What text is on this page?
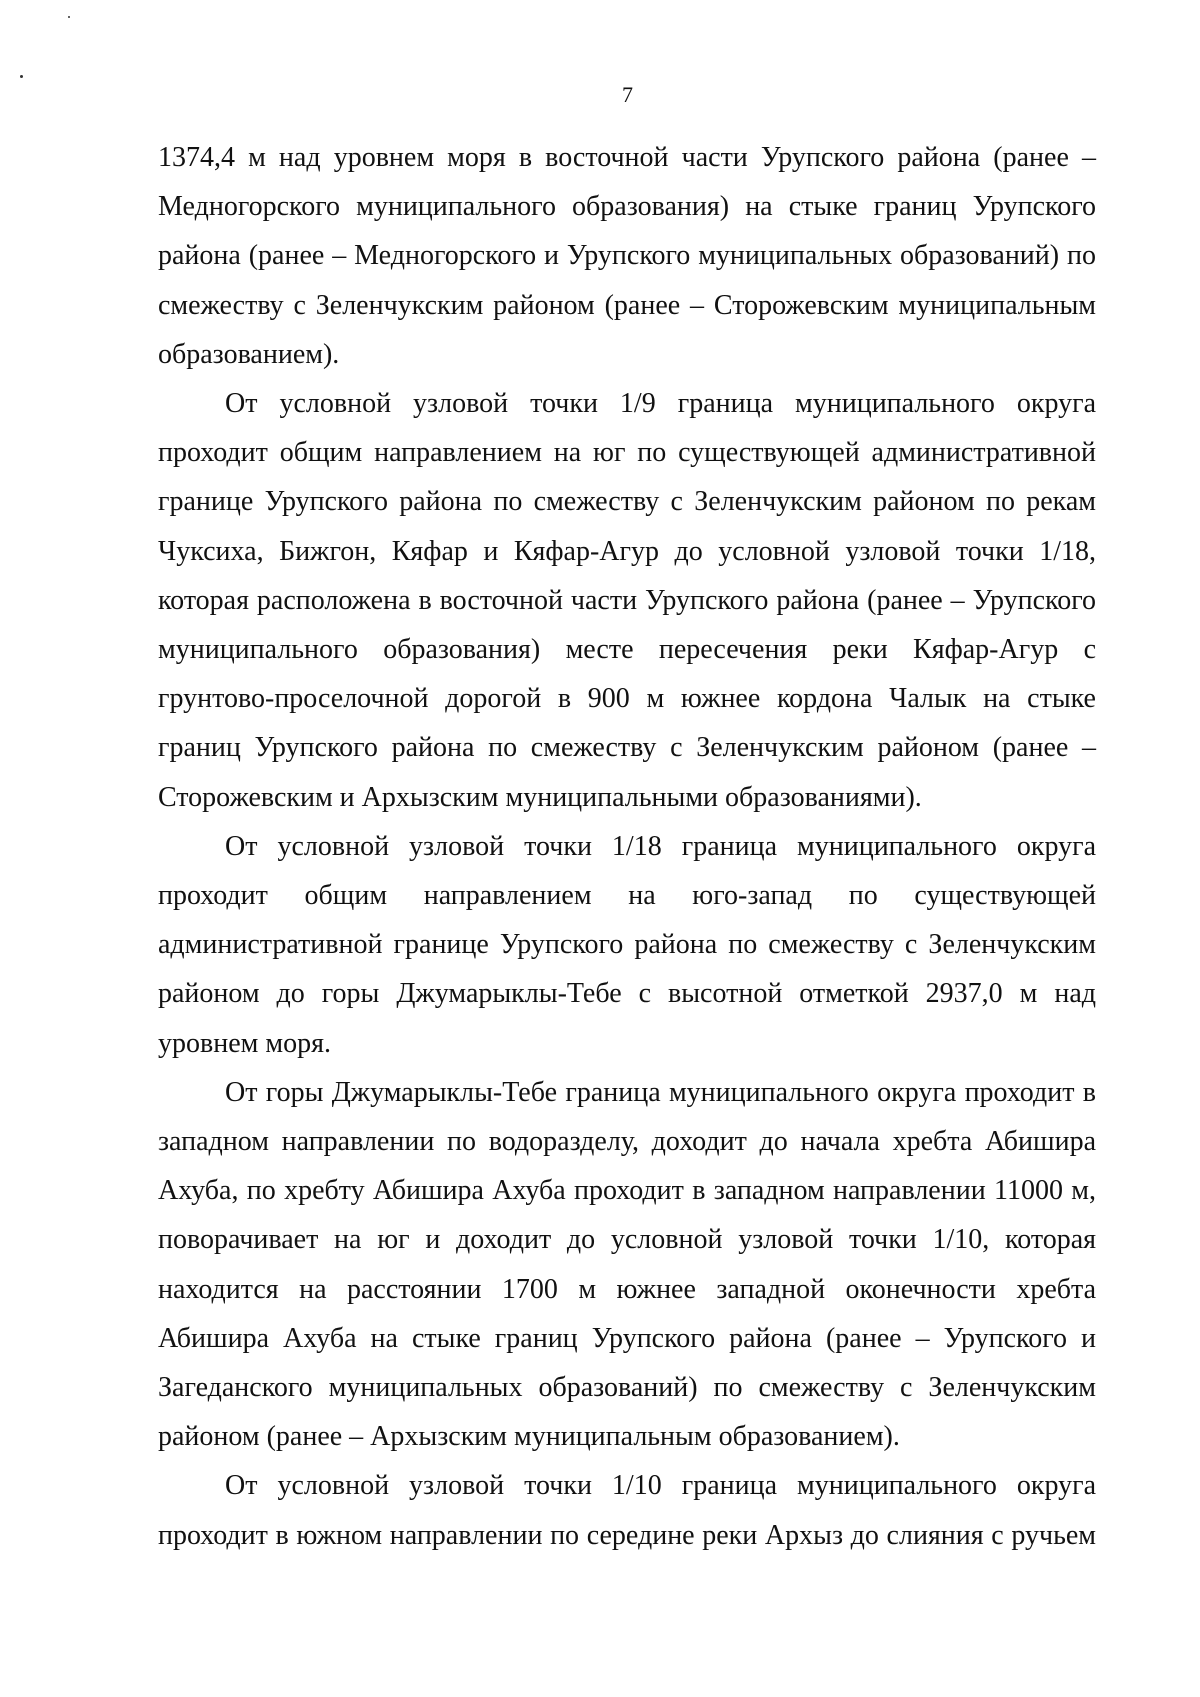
7

1374,4 м над уровнем моря в восточной части Урупского района (ранее – Медногорского муниципального образования) на стыке границ Урупского района (ранее – Медногорского и Урупского муниципальных образований) по смежеству с Зеленчукским районом (ранее – Сторожевским муниципальным образованием).

От условной узловой точки 1/9 граница муниципального округа проходит общим направлением на юг по существующей административной границе Урупского района по смежеству с Зеленчукским районом по рекам Чуксиха, Бижгон, Кяфар и Кяфар-Агур до условной узловой точки 1/18, которая расположена в восточной части Урупского района (ранее – Урупского муниципального образования) месте пересечения реки Кяфар-Агур с грунтово-проселочной дорогой в 900 м южнее кордона Чалык на стыке границ Урупского района по смежеству с Зеленчукским районом (ранее – Сторожевским и Архызским муниципальными образованиями).

От условной узловой точки 1/18 граница муниципального округа проходит общим направлением на юго-запад по существующей административной границе Урупского района по смежеству с Зеленчукским районом до горы Джумарыклы-Тебе с высотной отметкой 2937,0 м над уровнем моря.

От горы Джумарыклы-Тебе граница муниципального округа проходит в западном направлении по водоразделу, доходит до начала хребта Абишира Ахуба, по хребту Абишира Ахуба проходит в западном направлении 11000 м, поворачивает на юг и доходит до условной узловой точки 1/10, которая находится на расстоянии 1700 м южнее западной оконечности хребта Абишира Ахуба на стыке границ Урупского района (ранее – Урупского и Загеданского муниципальных образований) по смежеству с Зеленчукским районом (ранее – Архызским муниципальным образованием).

От условной узловой точки 1/10 граница муниципального округа проходит в южном направлении по середине реки Архыз до слияния с ручьем
